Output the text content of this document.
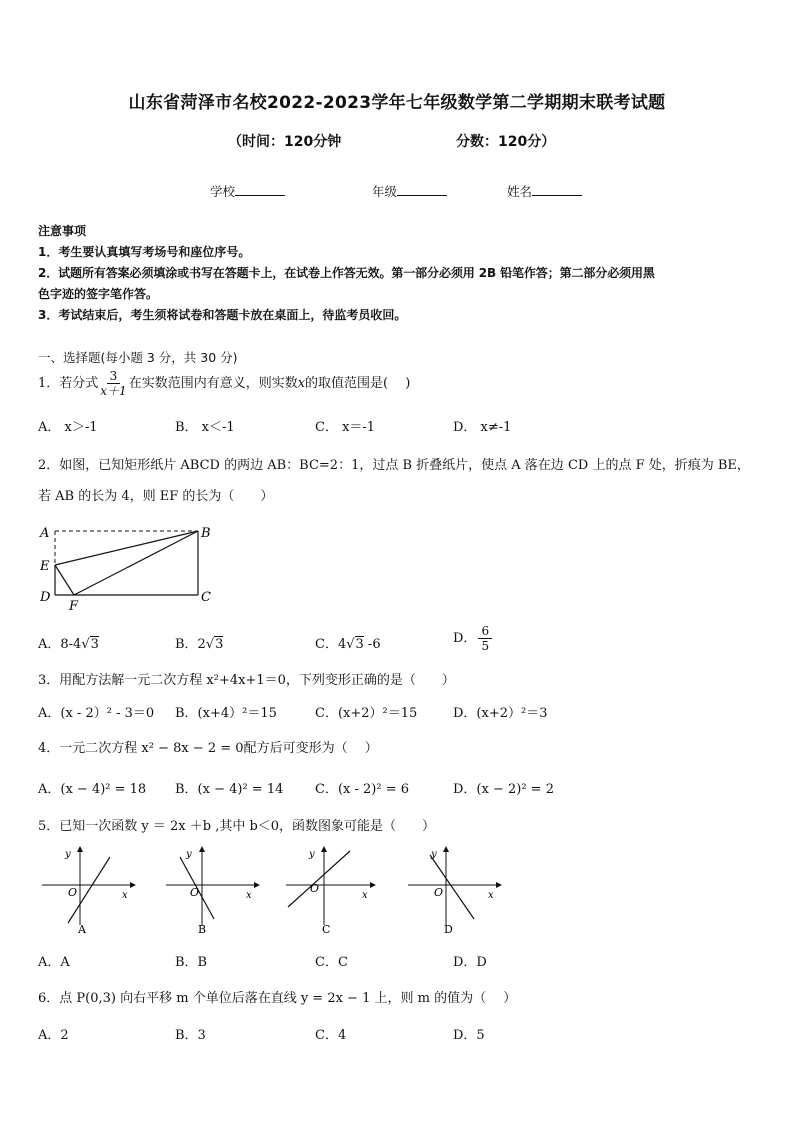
山东省菏泽市名校2022-2023学年七年级数学第二学期期末联考试题
（时间：120分钟	分数：120分）
学校	年级	姓名
注意事项
1．考生要认真填写考场号和座位序号。
2．试题所有答案必须填涂或书写在答题卡上，在试卷上作答无效。第一部分必须用 2B 铅笔作答；第二部分必须用黑
色字迹的签字笔作答。
3．考试结束后，考生须将试卷和答题卡放在桌面上，待监考员收回。
一、选择题(每小题 3 分，共 30 分)
1．若分式 $\frac{3}{x+1}$ 在实数范围内有意义，则实数x的取值范围是(　 )
A． x＞-1	B． x＜-1	C． x＝-1	D． x≠-1
2．如图，已知矩形纸片 ABCD 的两边 AB：BC=2：1，过点 B 折叠纸片，使点 A 落在边 CD 上的点 F 处，折痕为 BE，
若 AB 的长为 4，则 EF 的长为（　　）
A	B
E
D
F
C
A．8-4√3	B．2√3	C．4√3 -6	D． $\frac{6}{5}$
3．用配方法解一元二次方程 x²+4x+1＝0，下列变形正确的是（　　）
A．(x - 2）² - 3＝0 B．(x+4）²＝15	C．(x+2）²＝15	D．(x+2）²＝3
4．一元二次方程 x² − 8x − 2 = 0配方后可变形为（　 ）
A．(x − 4)² = 18 B．(x − 4)² = 14 C．(x - 2)² = 6	D．(x − 2)² = 2
5．已知一次函数 y ＝ 2x ＋b ,其中 b＜0，函数图象可能是（　　）
y
x
O
A
y
x
O
B
y
x
O
C
y
x
O
D
A．A	B．B	C．C	D．D
6．点 P(0,3) 向右平移 m 个单位后落在直线 y = 2x − 1 上，则 m 的值为（　 ）
A．2	B．3	C．4	D．5
